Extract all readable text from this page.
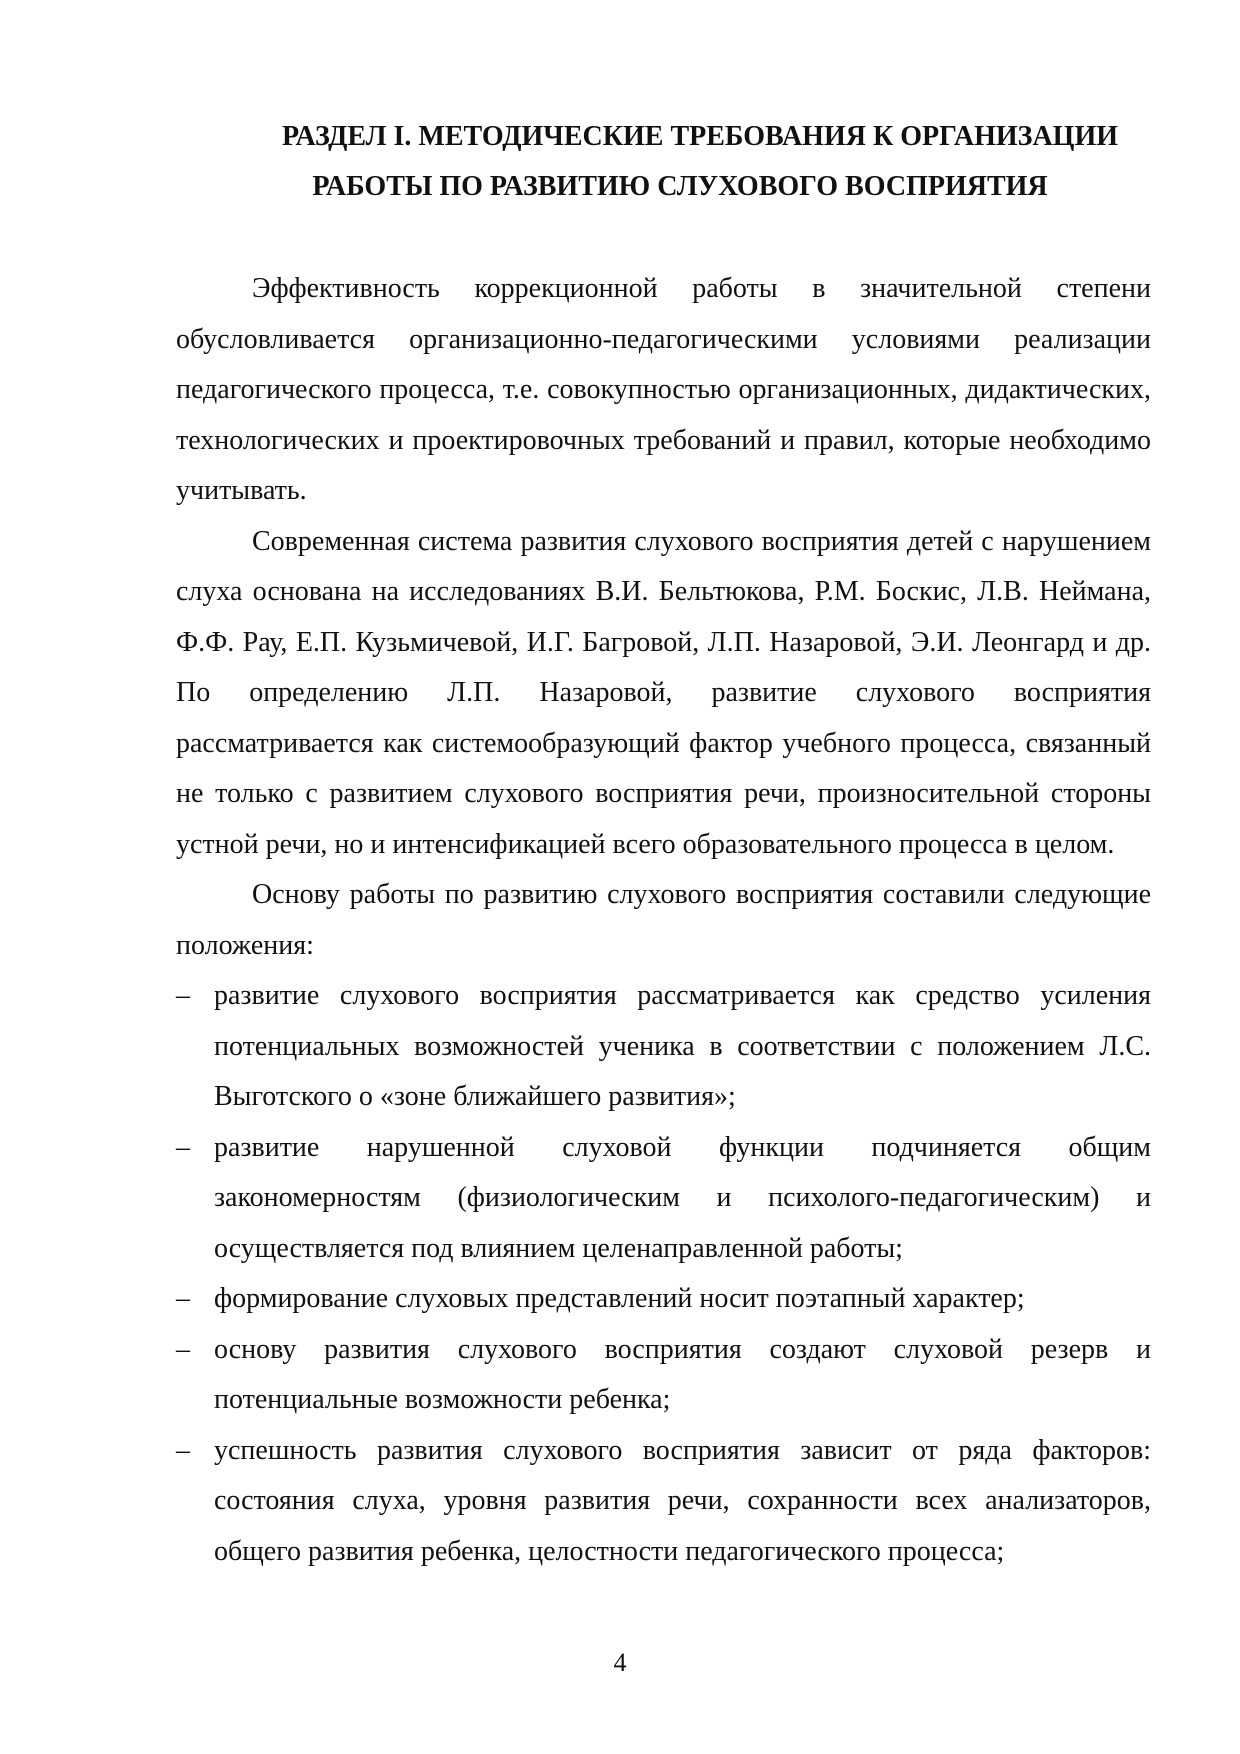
РАЗДЕЛ I. МЕТОДИЧЕСКИЕ ТРЕБОВАНИЯ К ОРГАНИЗАЦИИ
РАБОТЫ ПО РАЗВИТИЮ СЛУХОВОГО ВОСПРИЯТИЯ

Эффективность коррекционной работы в значительной степени обусловливается организационно-педагогическими условиями реализации педагогического процесса, т.е. совокупностью организационных, дидактических, технологических и проектировочных требований и правил, которые необходимо учитывать.

Современная система развития слухового восприятия детей с нарушением слуха основана на исследованиях В.И. Бельтюкова, Р.М. Боскис, Л.В. Неймана, Ф.Ф. Рау, Е.П. Кузьмичевой, И.Г. Багровой, Л.П. Назаровой, Э.И. Леонгард и др. По определению Л.П. Назаровой, развитие слухового восприятия рассматривается как системообразующий фактор учебного процесса, связанный не только с развитием слухового восприятия речи, произносительной стороны устной речи, но и интенсификацией всего образовательного процесса в целом.

Основу работы по развитию слухового восприятия составили следующие положения:

– развитие слухового восприятия рассматривается как средство усиления потенциальных возможностей ученика в соответствии с положением Л.С. Выготского о «зоне ближайшего развития»;
– развитие нарушенной слуховой функции подчиняется общим закономерностям (физиологическим и психолого-педагогическим) и осуществляется под влиянием целенаправленной работы;
– формирование слуховых представлений носит поэтапный характер;
– основу развития слухового восприятия создают слуховой резерв и потенциальные возможности ребенка;
– успешность развития слухового восприятия зависит от ряда факторов: состояния слуха, уровня развития речи, сохранности всех анализаторов, общего развития ребенка, целостности педагогического процесса;
4
